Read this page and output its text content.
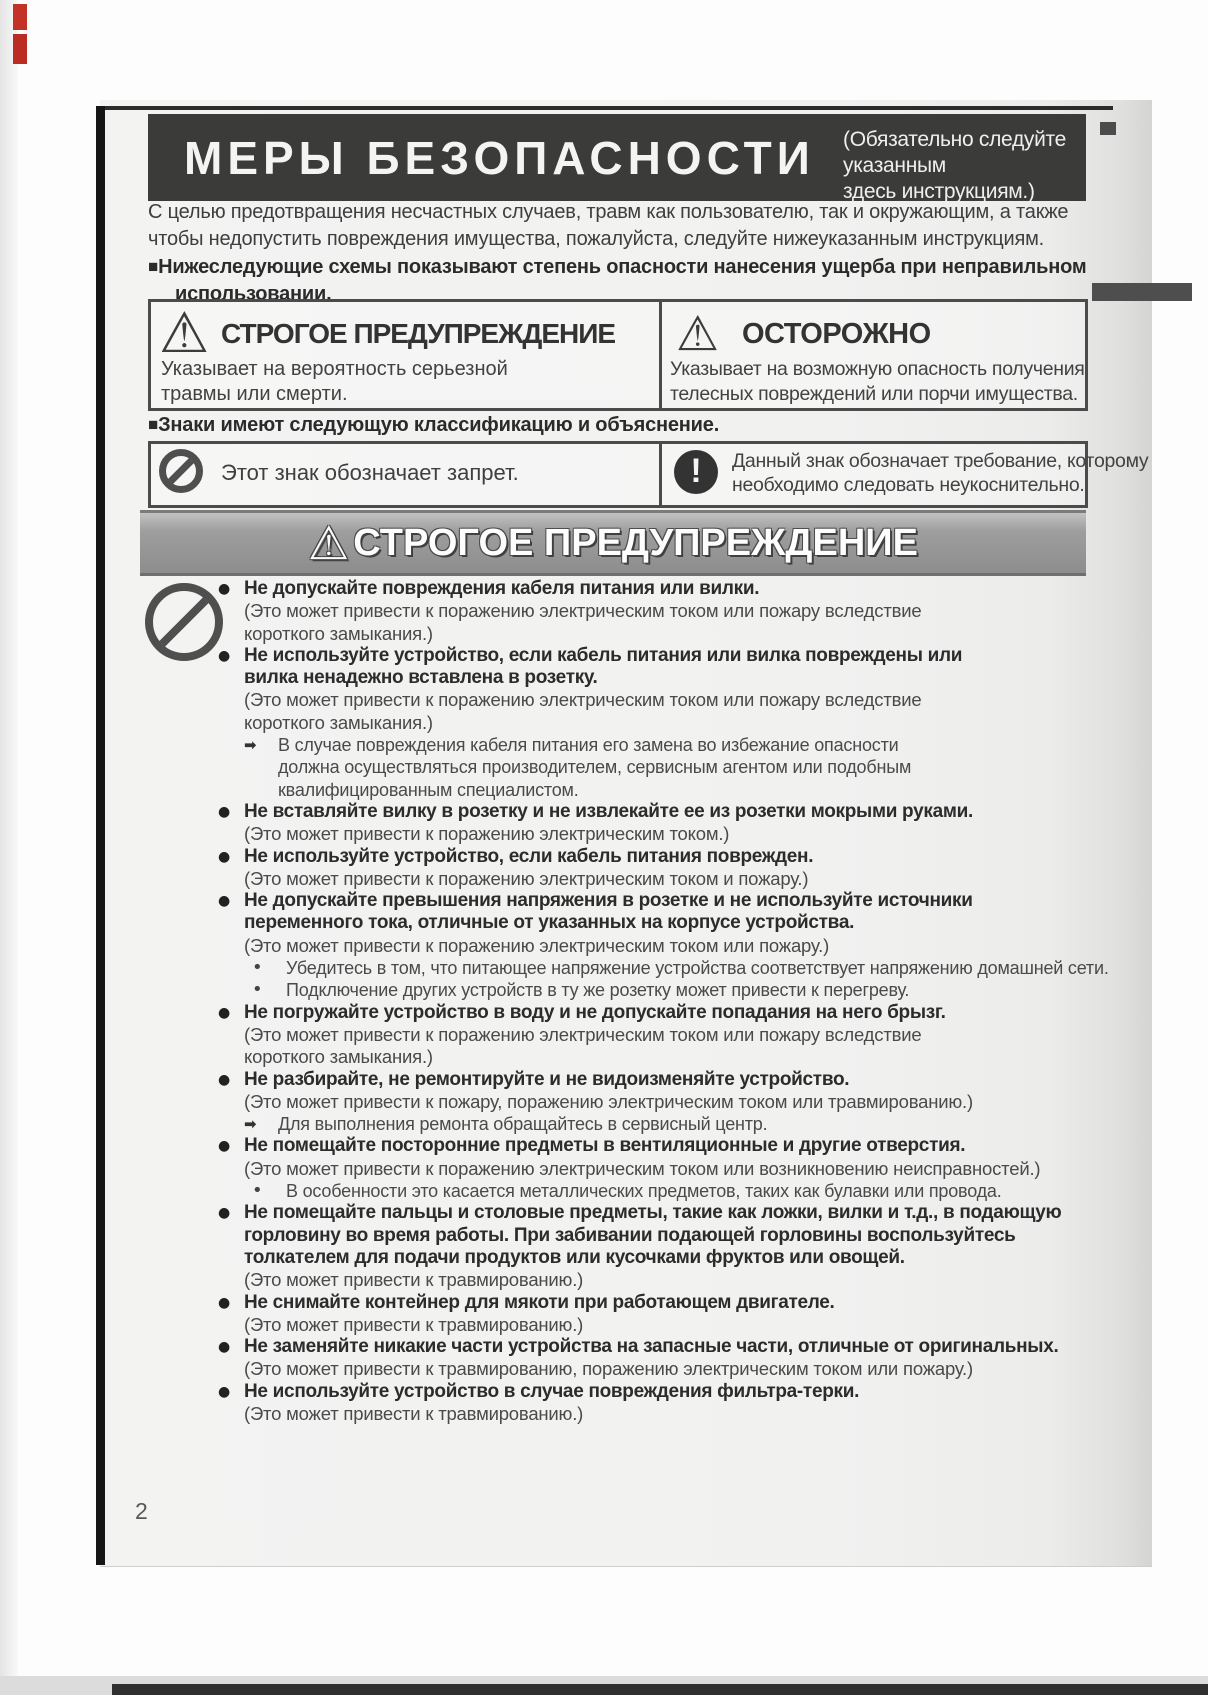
МЕРЫ БЕЗОПАСНОСТИ (Обязательно следуйте указанным
здесь инструкциям.)
С целью предотвращения несчастных случаев, травм как пользователю, так и окружающим, а также
чтобы недопустить повреждения имущества, пожалуйста, следуйте нижеуказанным инструкциям.
■Нижеследующие схемы показывают степень опасности нанесения ущерба при неправильном
использовании.
⚠ СТРОГОЕ ПРЕДУПРЕЖДЕНИЕ
Указывает на вероятность серьезной
травмы или смерти.
⚠ ОСТОРОЖНО
Указывает на возможную опасность получения
телесных повреждений или порчи имущества.
■Знаки имеют следующую классификацию и объяснение.
Этот знак обозначает запрет.	!	Данный знак обозначает требование, которому
необходимо следовать неукоснительно.
⚠ СТРОГОЕ ПРЕДУПРЕЖДЕНИЕ
● Не допускайте повреждения кабеля питания или вилки.
(Это может привести к поражению электрическим током или пожару вследствие
короткого замыкания.)
● Не используйте устройство, если кабель питания или вилка повреждены или
вилка ненадежно вставлена в розетку.
(Это может привести к поражению электрическим током или пожару вследствие
короткого замыкания.)
➡	В случае повреждения кабеля питания его замена во избежание опасности
должна осуществляться производителем, сервисным агентом или подобным
квалифицированным специалистом.
● Не вставляйте вилку в розетку и не извлекайте ее из розетки мокрыми руками.
(Это может привести к поражению электрическим током.)
● Не используйте устройство, если кабель питания поврежден.
(Это может привести к поражению электрическим током и пожару.)
● Не допускайте превышения напряжения в розетке и не используйте источники
переменного тока, отличные от указанных на корпусе устройства.
(Это может привести к поражению электрическим током или пожару.)
•	Убедитесь в том, что питающее напряжение устройства соответствует напряжению домашней сети.
•	Подключение других устройств в ту же розетку может привести к перегреву.
● Не погружайте устройство в воду и не допускайте попадания на него брызг.
(Это может привести к поражению электрическим током или пожару вследствие
короткого замыкания.)
● Не разбирайте, не ремонтируйте и не видоизменяйте устройство.
(Это может привести к пожару, поражению электрическим током или травмированию.)
➡	Для выполнения ремонта обращайтесь в сервисный центр.
● Не помещайте посторонние предметы в вентиляционные и другие отверстия.
(Это может привести к поражению электрическим током или возникновению неисправностей.)
•	В особенности это касается металлических предметов, таких как булавки или провода.
● Не помещайте пальцы и столовые предметы, такие как ложки, вилки и т.д., в подающую
горловину во время работы. При забивании подающей горловины воспользуйтесь
толкателем для подачи продуктов или кусочками фруктов или овощей.
(Это может привести к травмированию.)
● Не снимайте контейнер для мякоти при работающем двигателе.
(Это может привести к травмированию.)
● Не заменяйте никакие части устройства на запасные части, отличные от оригинальных.
(Это может привести к травмированию, поражению электрическим током или пожару.)
● Не используйте устройство в случае повреждения фильтра-терки.
(Это может привести к травмированию.)
2
